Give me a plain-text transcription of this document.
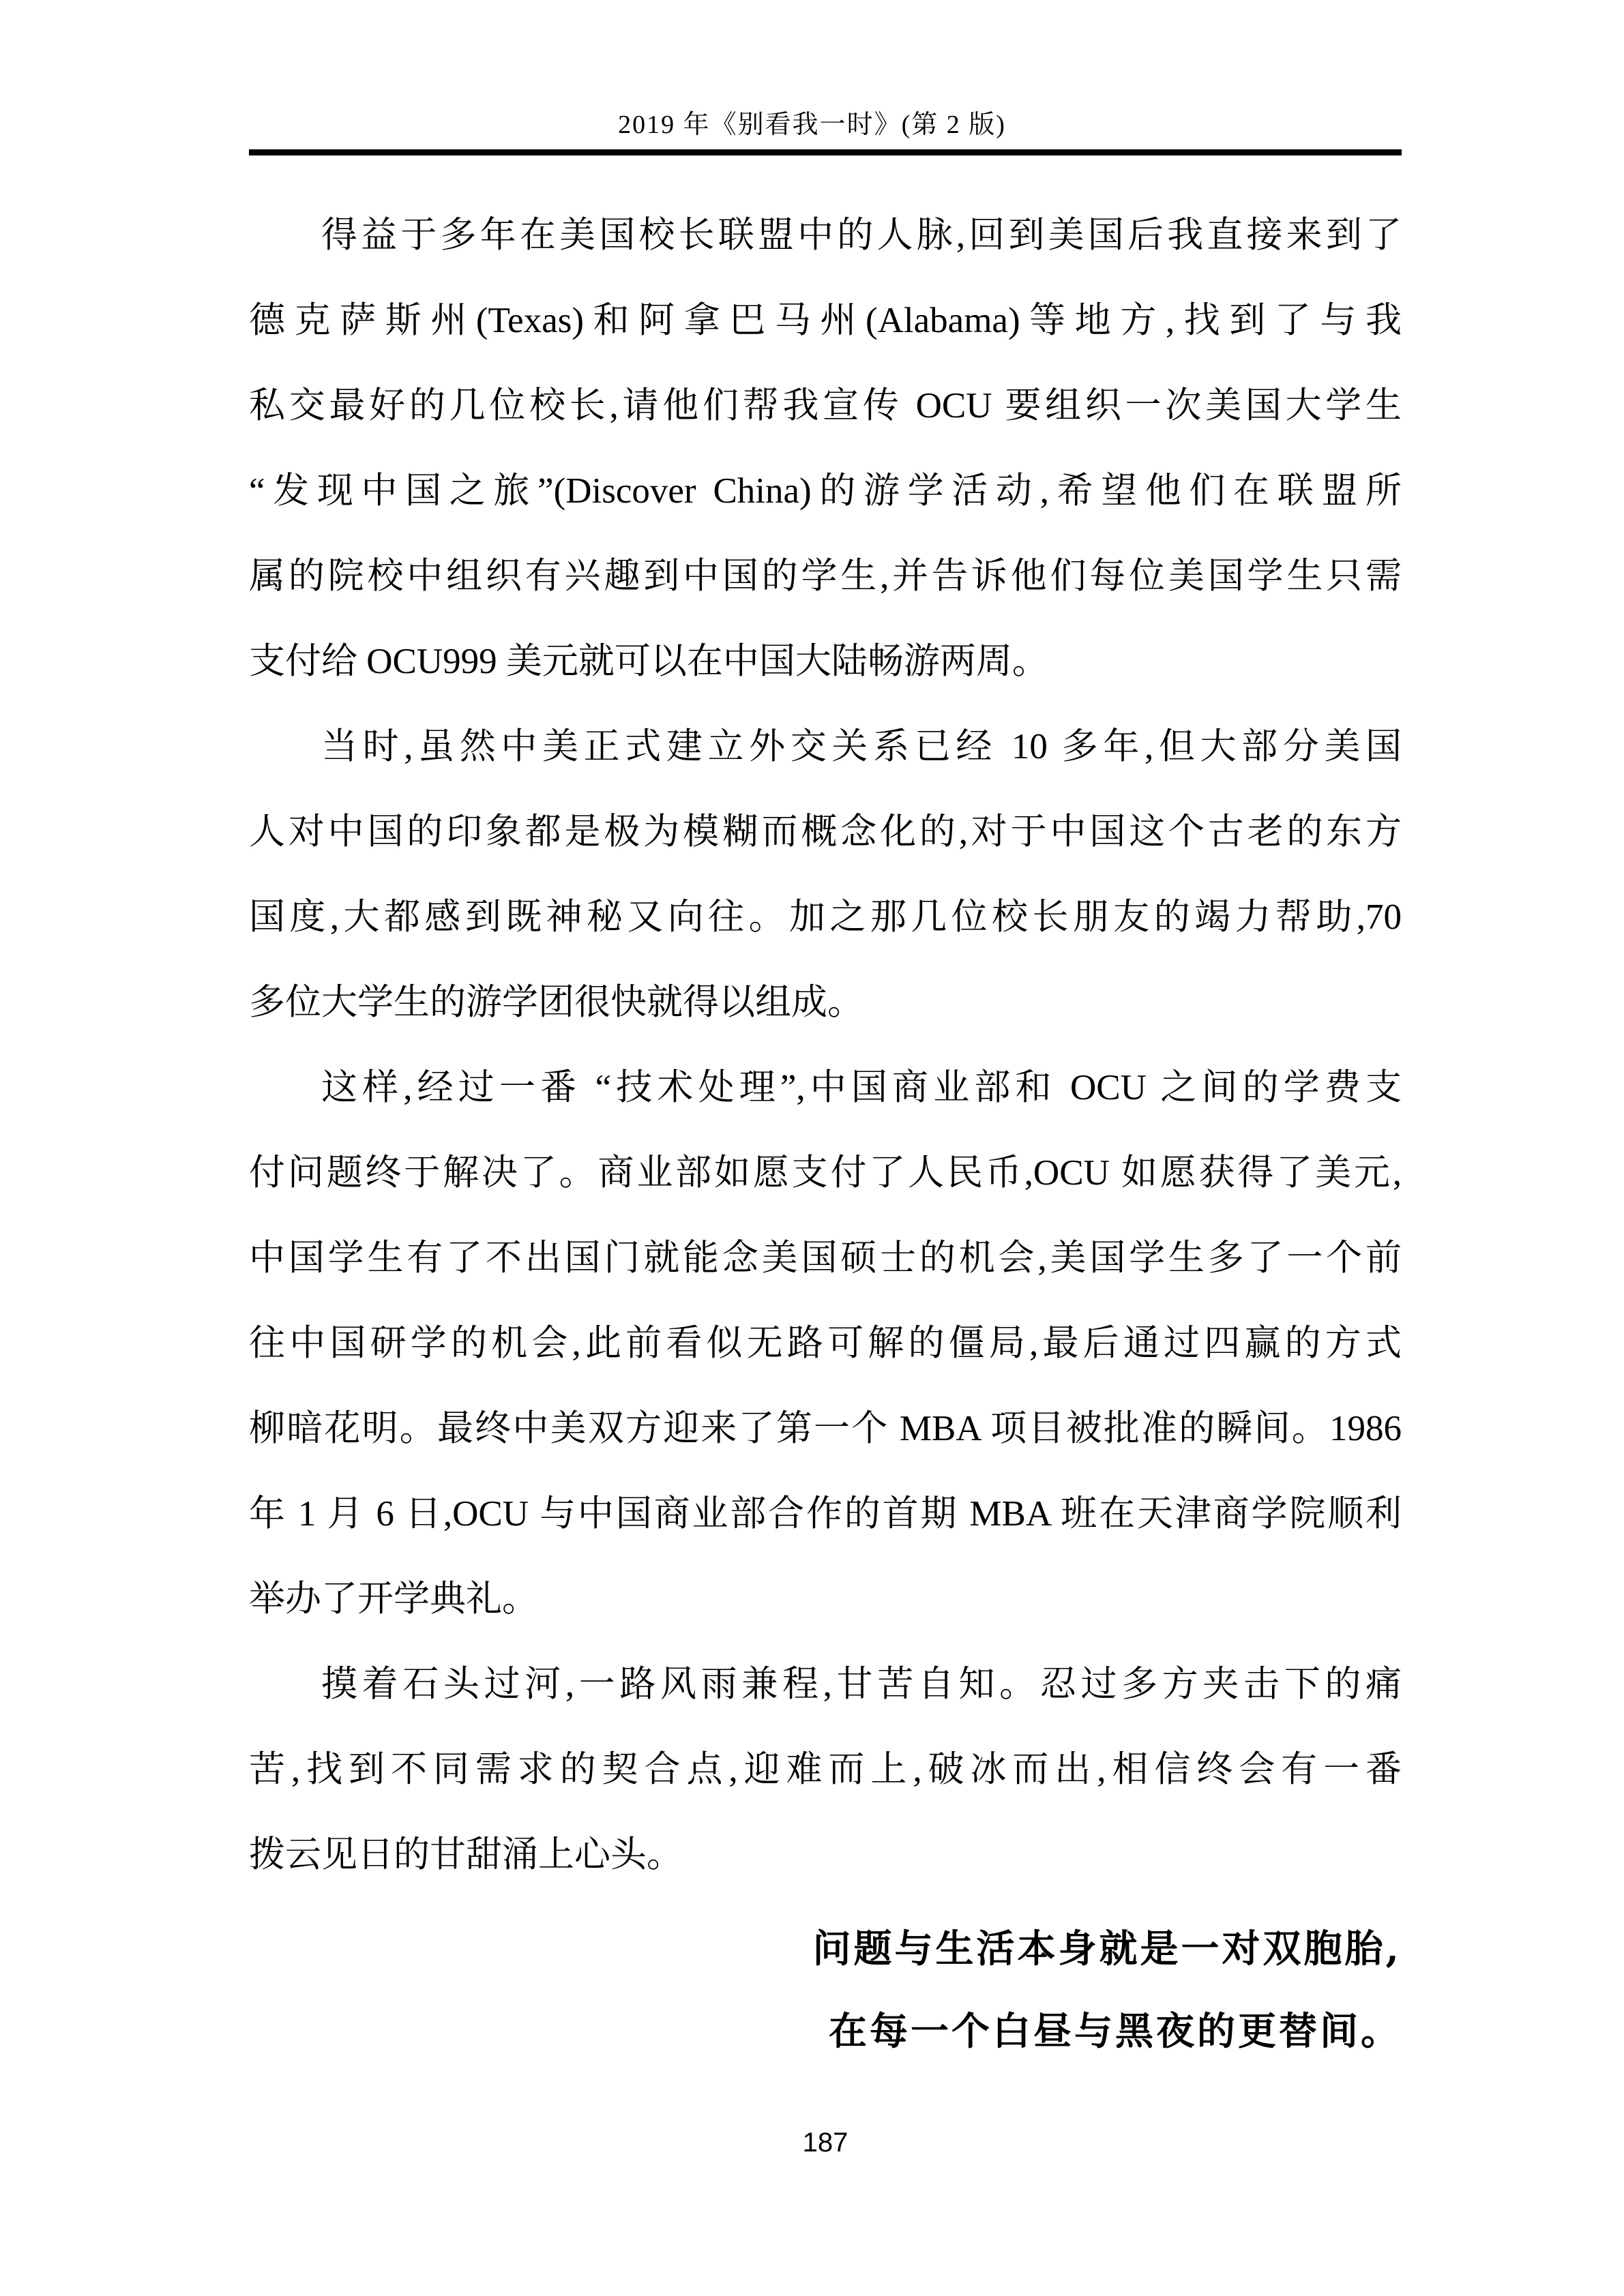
2019 年《别看我一时》(第 2 版)
得益于多年在美国校长联盟中的人脉,回到美国后我直接来到了
德克萨斯州(Texas)和阿拿巴马州(Alabama)等地方,找到了与我
私交最好的几位校长,请他们帮我宣传 OCU 要组织一次美国大学生
“发现中国之旅”(Discover China)的游学活动,希望他们在联盟所
属的院校中组织有兴趣到中国的学生,并告诉他们每位美国学生只需
支付给 OCU999 美元就可以在中国大陆畅游两周。
当时,虽然中美正式建立外交关系已经 10 多年,但大部分美国
人对中国的印象都是极为模糊而概念化的,对于中国这个古老的东方
国度,大都感到既神秘又向往。加之那几位校长朋友的竭力帮助,70
多位大学生的游学团很快就得以组成。
这样,经过一番 “技术处理”,中国商业部和 OCU 之间的学费支
付问题终于解决了。商业部如愿支付了人民币,OCU 如愿获得了美元,
中国学生有了不出国门就能念美国硕士的机会,美国学生多了一个前
往中国研学的机会,此前看似无路可解的僵局,最后通过四赢的方式
柳暗花明。最终中美双方迎来了第一个 MBA 项目被批准的瞬间。1986
年 1 月 6 日,OCU 与中国商业部合作的首期 MBA 班在天津商学院顺利
举办了开学典礼。
摸着石头过河,一路风雨兼程,甘苦自知。忍过多方夹击下的痛
苦,找到不同需求的契合点,迎难而上,破冰而出,相信终会有一番
拨云见日的甘甜涌上心头。
问题与生活本身就是一对双胞胎,
在每一个白昼与黑夜的更替间。
187
